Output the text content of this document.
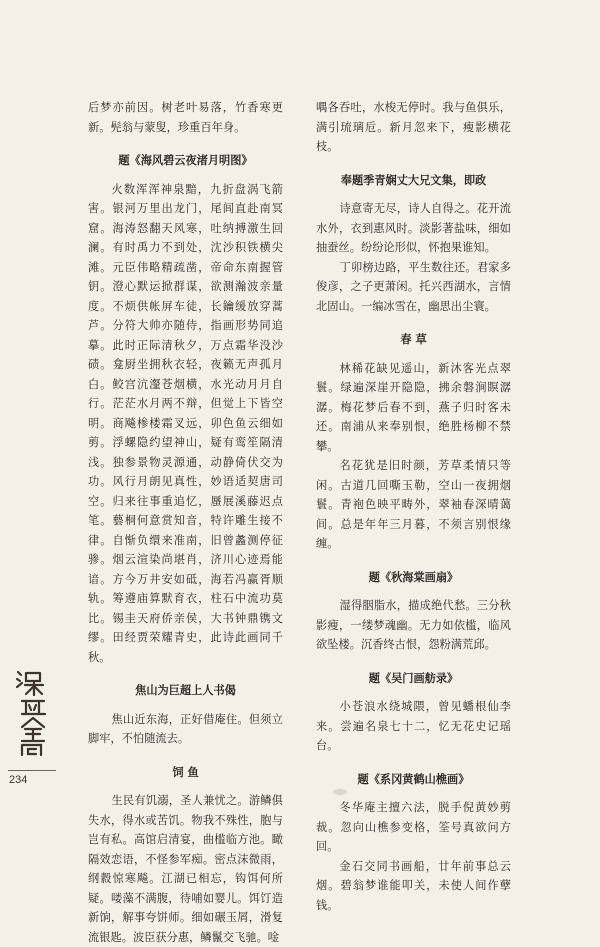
后梦亦前因。树老叶易落，竹香寒更新。髡翁与蒙叟，珍重百年身。

题《海风碧云夜渚月明图》

火数浑浑神泉黯，九折盘涡飞箭害。银河万里出龙门，尾闾直赴南冥窟。海涛怒翻天风寒，吐纳搏激生回澜。有时禹力不到处，沈沙积铁横尖滩。元臣伟略精疏凿，帝命东南握管钥。澄心默运掀群谋，欲测瀚波亲量度。不烦供帐屏车徒，长鑰缓放穿蒿芦。分符大帅亦随侍，指画形势同追摹。此时正际清秋夕，万点霜华没沙碛。龛厨坐拥秋衣轻，夜籁无声孤月白。鲛宫沆瀣苍烟横，水光动月月自行。茫茫水月两不辩，但觉上下皆空明。商飚椮楼霜叉远，卯色鱼云细如剪。浮螺隐约望神山，疑有鸾笙隔清浅。独参景物灵源通，动静倚伏交为功。风行月朗见真性，妙语适契唐司空。归来往事重追忆，蜃展溪藤迟点笔。藝桐何意赏知音，特许雕生接不律。自惭负缳来准南，旧曾蠡测停征骖。烟云渲染尚堪肖，济川心迹焉能谙。方今万井安如砥，海若冯赢胥顺轨。筹遵庙算默育衣，柱石中流功莫比。锡圭天府侨亲侯，大书钟鼎镌文缪。田经贾荣耀青史，此诗此画同千秋。

焦山为巨超上人书偈

焦山近东海，正好借庵住。但须立脚牢，不怕随流去。

饲 鱼

生民有饥溺，圣人兼忧之。游鳞俱失水，得水或苦饥。物我不殊性，胞与岂有私。高馆启清宴，曲槛临方池。瞰隔效恋语，不怪参军痴。密点沫微雨，纲縠惊寒飚。江湖已相忘，钩饵何所疑。喽藻不满腹，待哺如婴儿。饵饤造新饷，解事夸饼师。细如碾玉屑，滑复流银匙。波臣获分惠，鳞鬣交飞驰。唫

喁各吞吐，水梭无停时。我与鱼俱乐，满引琉璃卮。新月忽来下，瘦影横花枝。

奉题季青娴丈大兄文集，即政

诗意寄无尽，诗人自得之。花开流水外，衣到惠风时。淡影著盐味，细如抽蚕丝。纷纷论形似，怀抱果谁知。

丁卯榜边路，平生数往还。君家多俊彦，之子更萧闲。托兴西湖水，言情北固山。一编冰雪在，幽思出尘寰。

春 草

林稀花缺见遥山，新沐客光点翠鬟。绿遍深崖开隐隐，拂余磐涧瞑潺潺。梅花梦后春不到，燕子归时客未还。南浦从来奉别恨，绝胜杨柳不禁攀。

名花犹是旧时颜，芳草柔情只等闲。古道几回嘶玉勒，空山一夜拥烟鬟。青袍色映平畴外，翠袖春深晴蔼间。总是年年三月暮，不须言别恨缘缠。

题《秋海棠画扇》

湿得胭脂水，描成绝代愁。三分秋影瘦，一缕梦魂幽。无力如依槛，临风欲坠楼。沉香终古恨，怨粉满荒邱。

题《吴门画舫录》

小苍浪水绕城隈，曾见蟠根仙李来。尝遍名泉七十二，忆无花史记瑶台。

题《系冈黄鹤山樵画》

冬华庵主擅六法，脱手倪黄妙剪裁。忽向山樵参变格，筌号真欲问方回。

金石交同书画船，廿年前事总云烟。碧翁梦谁能叩关，未使人间作孽钱。

234
